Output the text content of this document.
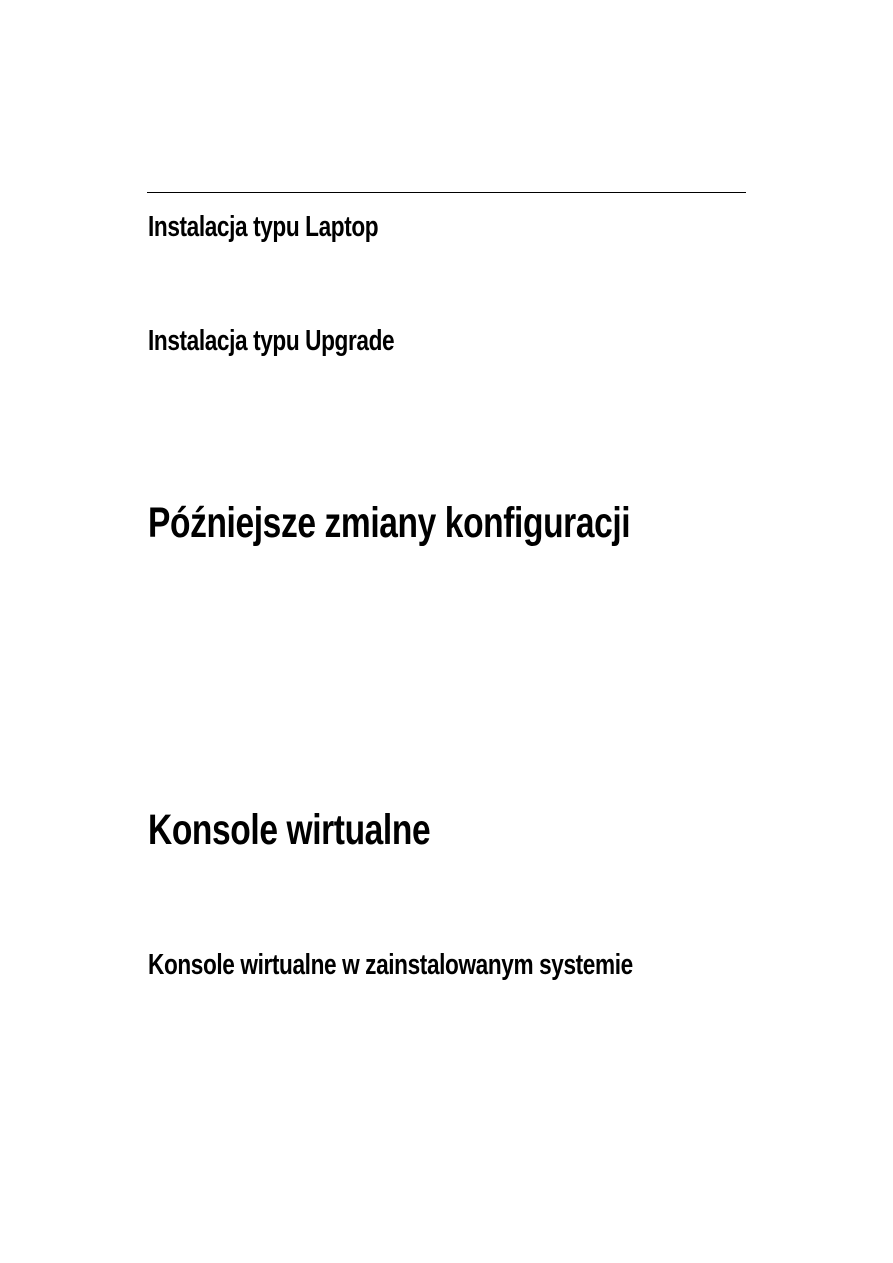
Instalacja typu Laptop
Instalacja typu Upgrade
Późniejsze zmiany konfiguracji
Konsole wirtualne
Konsole wirtualne w zainstalowanym systemie
